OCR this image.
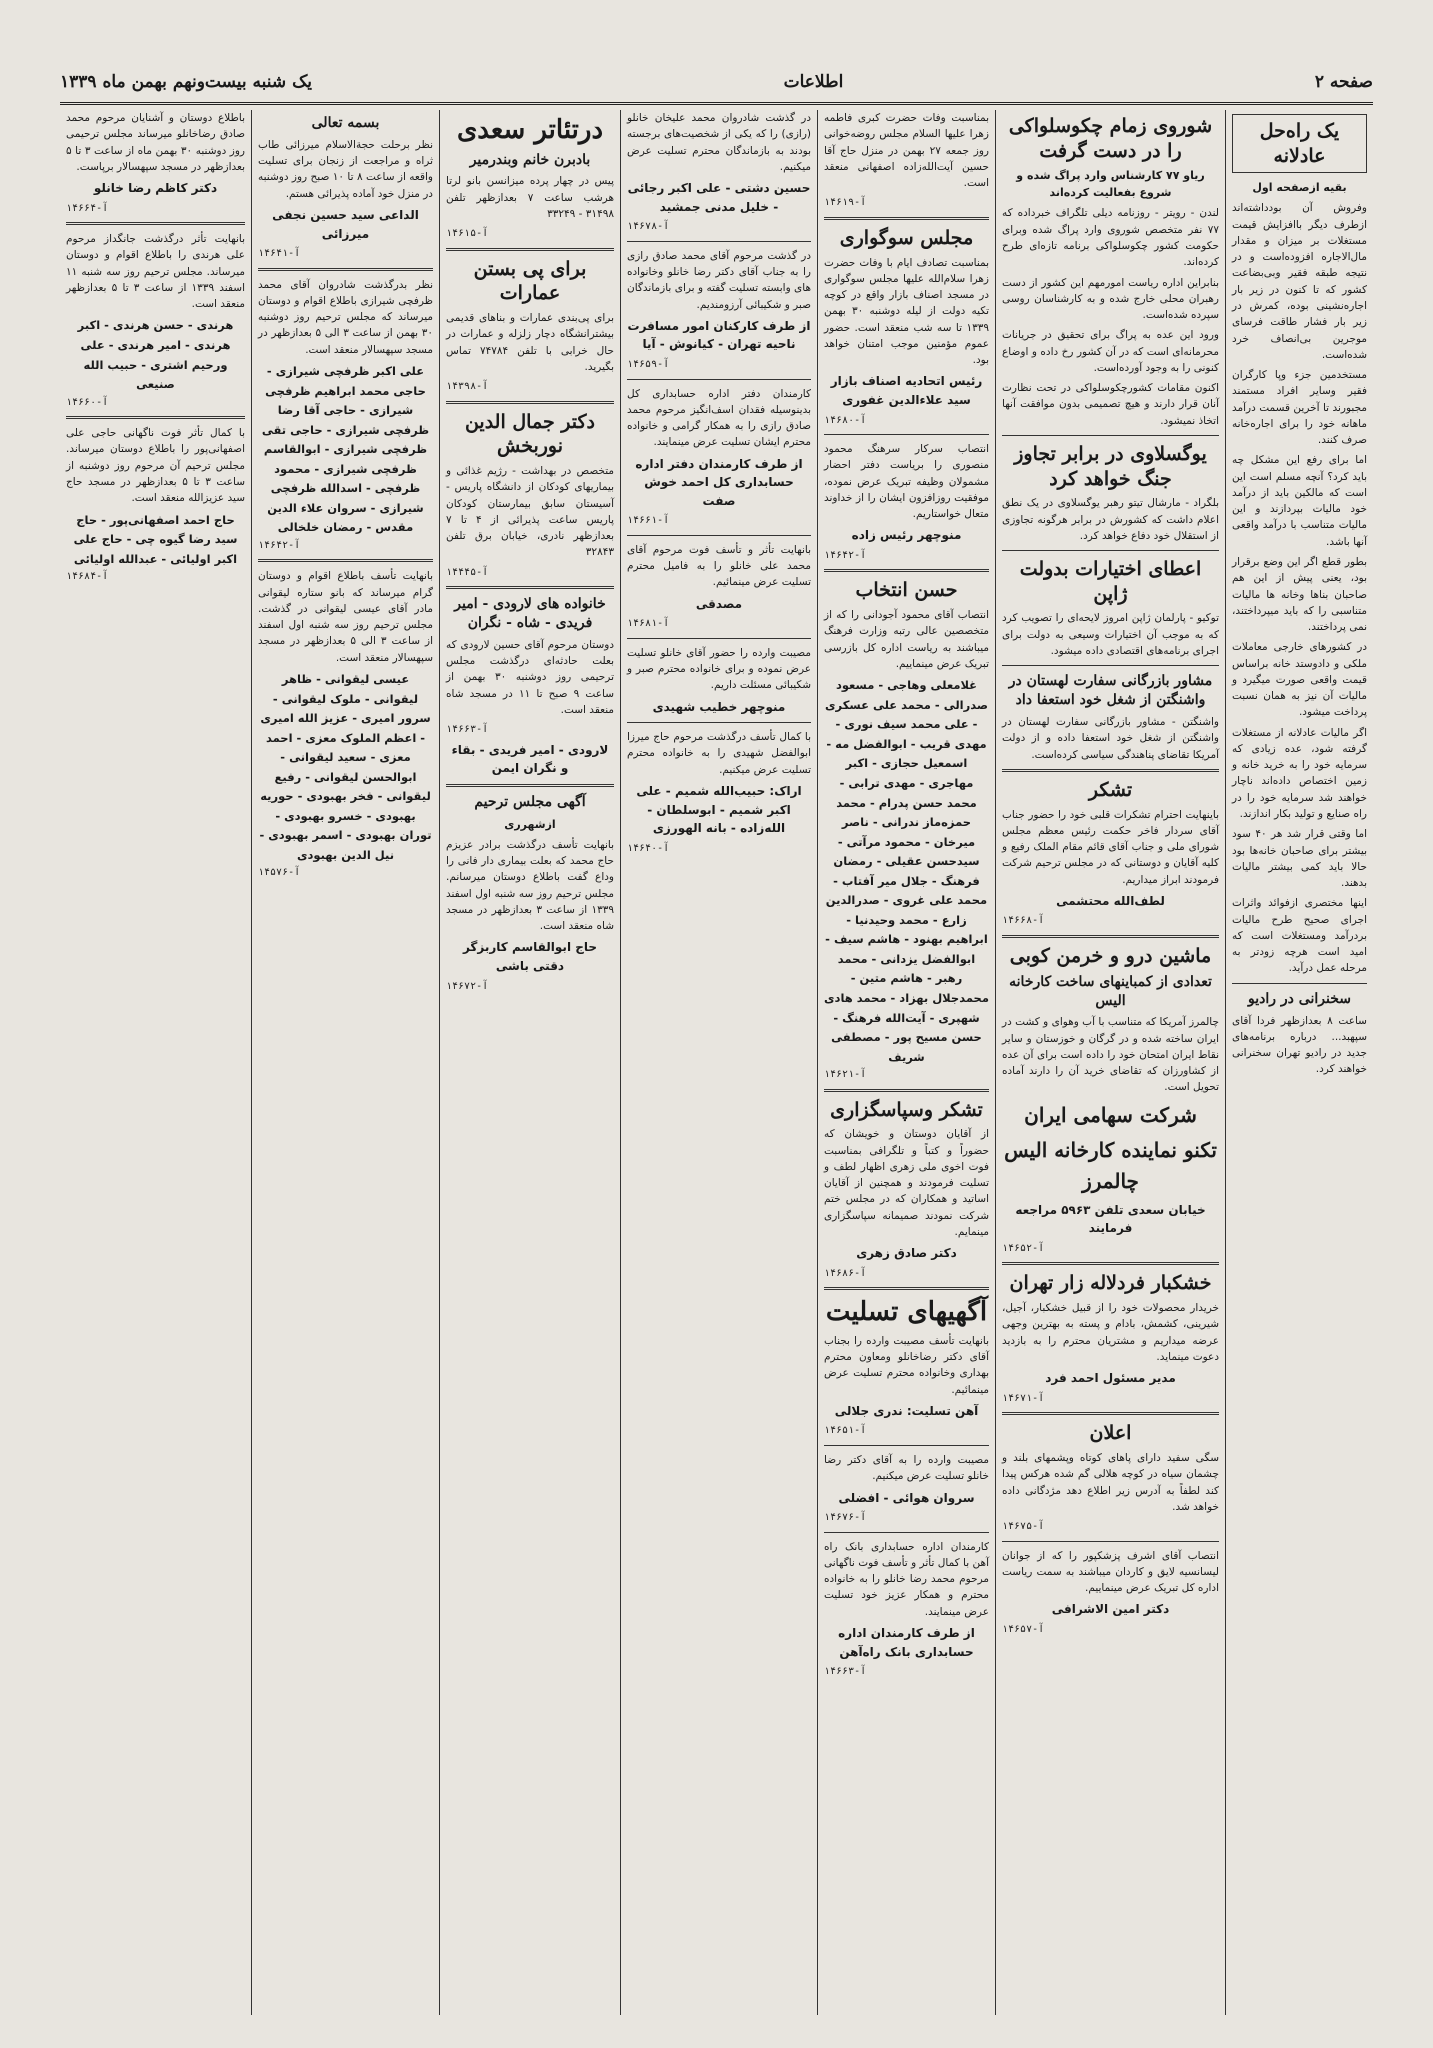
صفحه ۲
اطلاعات
یک شنبه بیست‌ونهم بهمن ماه ۱۳۳۹
یک راه‌حل عادلانه
بقیه ازصفحه اول

وفروش آن بودداشته‌اند ازطرف دیگر باافزایش قیمت مستغلات بر میزان و مقدار مال‌الاجاره افزوده‌است و در نتیجه طبقه فقیر وبی‌بضاعت کشور که تا کنون در زیر بار اجاره‌نشینی بوده، کمرش در زیر بار فشار طاقت فرسای موجرین بی‌انصاف خرد شده‌است.

مستخدمین جزء وپا کارگران فقیر وسایر افراد مستمند مجبورند تا آخرین قسمت درآمد ماهانه خود را برای اجاره‌خانه صرف کنند.

اما برای رفع این مشکل چه باید کرد؟ آنچه مسلم است این است که مالکین باید از درآمد خود مالیات بپردازند و این مالیات متناسب با درآمد واقعی آنها باشد.

بطور قطع اگر این وضع برقرار بود، یعنی پیش از این هم صاحبان بناها وخانه ها مالیات متناسبی را که باید میپرداختند، نمی پرداختند.

در کشورهای خارجی معاملات ملکی و دادوستد خانه براساس قیمت واقعی صورت میگیرد و مالیات آن نیز به همان نسبت پرداخت میشود.

اگر مالیات عادلانه از مستغلات گرفته شود، عده زیادی که سرمایه خود را به خرید خانه و زمین اختصاص داده‌اند ناچار خواهند شد سرمایه خود را در راه صنایع و تولید بکار اندازند.

اما وقتی قرار شد هر ۴۰ سود بیشتر برای صاحبان خانه‌ها بود حالا باید کمی بیشتر مالیات بدهند.

اینها مختصری ازفوائد واثرات اجرای صحیح طرح مالیات بردرآمد ومستغلات است که امید است هرچه زودتر به مرحله عمل درآید.

سخنرانی در رادیو

ساعت ۸ بعدازظهر فردا آقای سپهبد... درباره برنامه‌های جدید در رادیو تهران سخنرانی خواهند کرد.

شوروی زمام چکوسلواکی را در دست گرفت
ریاو ۷۷ کارشناس وارد پراگ شده و شروع بفعالیت کرده‌اند

لندن - رویتر - روزنامه دیلی تلگراف خبرداده که ۷۷ نفر متخصص شوروی وارد پراگ شده وبرای حکومت کشور چکوسلواکی برنامه تازه‌ای طرح کرده‌اند.

بنابراین اداره ریاست امورمهم این کشور از دست رهبران محلی خارج شده و به کارشناسان روسی سپرده شده‌است.

ورود این عده به پراگ برای تحقیق در جریانات محرمانه‌ای است که در آن کشور رخ داده و اوضاع کنونی را به وجود آورده‌است.

اکنون مقامات کشورچکوسلواکی در تحت نظارت آنان قرار دارند و هیچ تصمیمی بدون موافقت آنها اتخاذ نمیشود.

یوگسلاوی در برابر تجاوز جنگ خواهد کرد

بلگراد - مارشال تیتو رهبر یوگسلاوی در یک نطق اعلام داشت که کشورش در برابر هرگونه تجاوزی از استقلال خود دفاع خواهد کرد.

اعطای اختیارات بدولت ژاپن

توکیو - پارلمان ژاپن امروز لایحه‌ای را تصویب کرد که به موجب آن اختیارات وسیعی به دولت برای اجرای برنامه‌های اقتصادی داده میشود.

مشاور بازرگانی سفارت لهستان در واشنگتن از شغل خود استعفا داد

واشنگتن - مشاور بازرگانی سفارت لهستان در واشنگتن از شغل خود استعفا داده و از دولت آمریکا تقاضای پناهندگی سیاسی کرده‌است.

تشکر

باینهایت احترام تشکرات قلبی خود را حضور جناب آقای سردار فاخر حکمت رئیس معظم مجلس شورای ملی و جناب آقای قائم مقام الملک رفیع و کلیه آقایان و دوستانی که در مجلس ترحیم شرکت فرمودند ابراز میداریم.

لطف‌الله محتشمی
آ-۱۴۶۶۸
ماشین درو و خرمن کوبی
تعدادی از کمباینهای ساخت کارخانه الیس

چالمرز آمریکا که متناسب با آب وهوای و کشت در ایران ساخته شده و در گرگان و خوزستان و سایر نقاط ایران امتحان خود را داده است برای آن عده از کشاورزان که تقاضای خرید آن را دارند آماده تحویل است.

شرکت سهامی ایران
تکنو نماینده کارخانه الیس چالمرز
خیابان سعدی تلفن ۵۹۶۳ مراجعه فرمایند
آ-۱۴۶۵۲
خشکبار فردلاله زار تهران

خریدار محصولات خود را از قبیل خشکبار، آجیل، شیرینی، کشمش، بادام و پسته به بهترین وجهی عرضه میداریم و مشتریان محترم را به بازدید دعوت مینماید.

مدیر مسئول احمد فرد
آ-۱۴۶۷۱
اعلان

سگی سفید دارای پاهای کوتاه وپشمهای بلند و چشمان سیاه در کوچه هلالی گم شده هرکس پیدا کند لطفاً به آدرس زیر اطلاع دهد مژدگانی داده خواهد شد.

آ-۱۴۶۷۵

انتصاب آقای اشرف پزشکپور را که از جوانان لیسانسیه لایق و کاردان میباشند به سمت ریاست اداره کل تبریک عرض مینماییم.

دکتر امین الاشرافی
آ-۱۴۶۵۷

بمناسبت وفات حضرت کبری فاطمه زهرا علیها السلام مجلس روضه‌خوانی روز جمعه ۲۷ بهمن در منزل حاج آقا حسین آیت‌الله‌زاده اصفهانی منعقد است.

آ-۱۴۶۱۹
مجلس سوگواری

بمناسبت تصادف ایام با وفات حضرت زهرا سلام‌الله علیها مجلس سوگواری در مسجد اصناف بازار واقع در کوچه تکیه دولت از لیله دوشنبه ۳۰ بهمن ۱۳۳۹ تا سه شب منعقد است. حضور عموم مؤمنین موجب امتنان خواهد بود.

رئیس اتحادیه اصناف بازار سید علاءالدین غفوری
آ-۱۴۶۸۰

انتصاب سرکار سرهنگ محمود منصوری را بریاست دفتر احضار مشمولان وظیفه تبریک عرض نموده، موفقیت روزافزون ایشان را از خداوند متعال خواستاریم.

منوچهر رئیس زاده
آ-۱۴۶۴۲
حسن انتخاب

انتصاب آقای محمود آجودانی را که از متخصصین عالی رتبه وزارت فرهنگ میباشند به ریاست اداره کل بازرسی تبریک عرض مینماییم.

غلامعلی وهاجی - مسعود صدرالی - محمد علی عسکری - علی محمد سیف نوری - مهدی قریب - ابوالفضل مه - اسمعیل حجازی - اکبر مهاجری - مهدی ترابی - محمد حسن پدرام - محمد حمزه‌ماز ندرانی - ناصر میرخان - محمود مرآتی - سیدحسن عقیلی - رمضان فرهنگ - جلال میر آفتاب - محمد علی غروی - صدرالدین زارع - محمد وحیدنیا - ابراهیم بهنود - هاشم سیف - ابوالفضل یزدانی - محمد رهبر - هاشم متین - محمدجلال بهزاد - محمد هادی شهپری - آیت‌الله فرهنگ - حسن مسیح پور - مصطفی شریف
آ-۱۴۶۲۱
تشکر وسپاسگزاری

از آقایان دوستان و خویشان که حضوراً و کتباً و تلگرافی بمناسبت فوت اخوی ملی زهری اظهار لطف و تسلیت فرمودند و همچنین از آقایان اساتید و همکاران که در مجلس ختم شرکت نمودند صمیمانه سپاسگزاری مینمایم.

دکتر صادق زهری
آ-۱۴۶۸۶
آگهیهای تسلیت

بانهایت تأسف مصیبت وارده را بجناب آقای دکتر رضاخانلو ومعاون محترم بهداری وخانواده محترم تسلیت عرض مینمائیم.

آهن تسلیت: ندری جلالی
آ-۱۴۶۵۱

مصیبت وارده را به آقای دکتر رضا خانلو تسلیت عرض میکنیم.

سروان هوائی - افضلی
آ-۱۴۶۷۶

کارمندان اداره حسابداری بانک راه آهن با کمال تأثر و تأسف فوت ناگهانی مرحوم محمد رضا خانلو را به خانواده محترم و همکار عزیز خود تسلیت عرض مینمایند.

از طرف کارمندان اداره حسابداری بانک راه‌آهن
آ-۱۴۶۶۳

در گذشت شادروان محمد علیخان خانلو (رازی) را که یکی از شخصیت‌های برجسته بودند به بازماندگان محترم تسلیت عرض میکنیم.

حسین دشتی - علی اکبر رجائی - خلیل مدنی جمشید
آ-۱۴۶۷۸

در گذشت مرحوم آقای محمد صادق رازی را به جناب آقای دکتر رضا خانلو وخانواده های وابسته تسلیت گفته و برای بازماندگان صبر و شکیبائی آرزومندیم.

از طرف کارکنان امور مسافرت ناحیه تهران - کیانوش - آیا
آ-۱۴۶۵۹

کارمندان دفتر اداره حسابداری کل بدینوسیله فقدان اسف‌انگیز مرحوم محمد صادق رازی را به همکار گرامی و خانواده محترم ایشان تسلیت عرض مینمایند.

از طرف کارمندان دفتر اداره حسابداری کل احمد خوش صفت
آ-۱۴۶۶۱

بانهایت تأثر و تأسف فوت مرحوم آقای محمد علی خانلو را به فامیل محترم تسلیت عرض مینمائیم.

مصدقی
آ-۱۴۶۸۱

مصیبت وارده را حضور آقای خانلو تسلیت عرض نموده و برای خانواده محترم صبر و شکیبائی مسئلت داریم.

منوچهر خطیب شهیدی

با کمال تأسف درگذشت مرحوم حاج میرزا ابوالفضل شهیدی را به خانواده محترم تسلیت عرض میکنیم.

اراک: حبیب‌الله شمیم - علی اکبر شمیم - ابوسلطان - الله‌زاده - بانه الهورزی
آ-۱۴۶۴۰
درتئاتر سعدی
بادبرن خانم وبندرمیر

پیس در چهار پرده میزانسن بانو لرتا هرشب ساعت ۷ بعدازظهر تلفن ۳۱۴۹۸ - ۳۳۲۴۹

آ-۱۴۶۱۵
برای پی بستن عمارات

برای پی‌بندی عمارات و بناهای قدیمی بیشترانشگاه دچار زلزله و عمارات در حال خرابی با تلفن ۷۴۷۸۴ تماس بگیرید.

آ-۱۴۳۹۸
دکتر جمال الدین نوربخش

متخصص در بهداشت - رژیم غذائی و بیماریهای کودکان از دانشگاه پاریس - آسیستان سابق بیمارستان کودکان پاریس ساعت پذیرائی از ۴ تا ۷ بعدازظهر نادری، خیابان برق تلفن ۳۲۸۴۳

آ-۱۴۴۴۵
خانواده های لارودی - امیر فریدی - شاه - نگران

دوستان مرحوم آقای حسین لارودی که بعلت حادثه‌ای درگذشت مجلس ترحیمی روز دوشنبه ۳۰ بهمن از ساعت ۹ صبح تا ۱۱ در مسجد شاه منعقد است.

آ-۱۴۶۶۳
لارودی - امیر فریدی - بقاء و نگران ایمن
آگهی مجلس ترحیم
ازشهرری

بانهایت تأسف درگذشت برادر عزیزم حاج محمد که بعلت بیماری دار فانی را وداع گفت باطلاع دوستان میرسانم. مجلس ترحیم روز سه شنبه اول اسفند ۱۳۳۹ از ساعت ۳ بعدازظهر در مسجد شاه منعقد است.

حاج ابوالقاسم کاربزگر دقتی باشی
آ-۱۴۶۷۲
بسمه تعالی

نظر برحلت حجةالاسلام میرزائی طاب ثراه و مراجعت از زنجان برای تسلیت واقعه از ساعت ۸ تا ۱۰ صبح روز دوشنبه در منزل خود آماده پذیرائی هستم.

الداعی سید حسین نجفی میرزائی
آ-۱۴۶۴۱

نظر بدرگذشت شادروان آقای محمد ظرفچی شیرازی باطلاع اقوام و دوستان میرساند که مجلس ترحیم روز دوشنبه ۳۰ بهمن از ساعت ۳ الی ۵ بعدازظهر در مسجد سپهسالار منعقد است.

علی اکبر ظرفچی شیرازی - حاجی محمد ابراهیم ظرفچی شیرازی - حاجی آقا رضا ظرفچی شیرازی - حاجی تقی ظرفچی شیرازی - ابوالقاسم ظرفچی شیرازی - محمود ظرفچی - اسدالله ظرفچی شیرازی - سروان علاء الدین مقدس - رمضان خلخالی
آ-۱۴۶۴۲

بانهایت تأسف باطلاع اقوام و دوستان گرام میرساند که بانو ستاره لیقوانی مادر آقای عیسی لیقوانی در گذشت. مجلس ترحیم روز سه شنبه اول اسفند از ساعت ۳ الی ۵ بعدازظهر در مسجد سپهسالار منعقد است.

عیسی لیقوانی - ظاهر لیقوانی - ملوک لیقوانی - سرور امیری - عزیز الله امیری - اعظم الملوک معزی - احمد معزی - سعید لیقوانی - ابوالحسن لیقوانی - رفیع لیقوانی - فخر بهبودی - حوریه بهبودی - خسرو بهبودی - توران بهبودی - اسمر بهبودی - نیل الدین بهبودی
آ-۱۴۵۷۶

باطلاع دوستان و آشنایان مرحوم محمد صادق رضاخانلو میرساند مجلس ترحیمی روز دوشنبه ۳۰ بهمن ماه از ساعت ۳ تا ۵ بعدازظهر در مسجد سپهسالار برپاست.

دکتر کاظم رضا خانلو
آ-۱۴۶۶۴

بانهایت تأثر درگذشت جانگداز مرحوم علی هرندی را باطلاع اقوام و دوستان میرساند. مجلس ترحیم روز سه شنبه ۱۱ اسفند ۱۳۳۹ از ساعت ۳ تا ۵ بعدازظهر منعقد است.

هرندی - حسن هرندی - اکبر هرندی - امیر هرندی - علی ورحیم اشتری - حبیب الله صنیعی
آ-۱۴۶۶۰

با کمال تأثر فوت ناگهانی حاجی علی اصفهانی‌پور را باطلاع دوستان میرساند. مجلس ترحیم آن مرحوم روز دوشنبه از ساعت ۳ تا ۵ بعدازظهر در مسجد حاج سید عزیزالله منعقد است.

حاج احمد اصفهانی‌پور - حاج سید رضا گیوه چی - حاج علی اکبر اولیائی - عبدالله اولیائی
آ-۱۴۶۸۴
